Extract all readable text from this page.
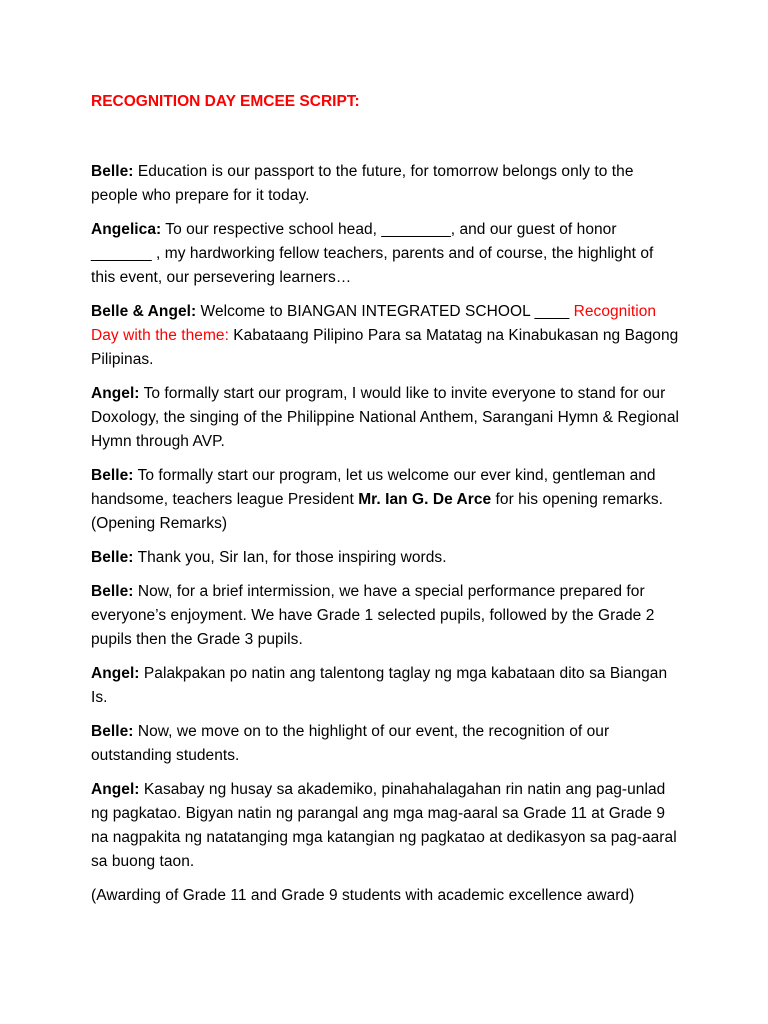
RECOGNITION DAY EMCEE SCRIPT:

Belle: Education is our passport to the future, for tomorrow belongs only to the people who prepare for it today.

Angelica: To our respective school head, ________, and our guest of honor _______ , my hardworking fellow teachers, parents and of course, the highlight of this event, our persevering learners…

Belle & Angel: Welcome to BIANGAN INTEGRATED SCHOOL ____ Recognition Day with the theme: Kabataang Pilipino Para sa Matatag na Kinabukasan ng Bagong Pilipinas.

Angel: To formally start our program, I would like to invite everyone to stand for our Doxology, the singing of the Philippine National Anthem, Sarangani Hymn & Regional Hymn through AVP.

Belle: To formally start our program, let us welcome our ever kind, gentleman and handsome, teachers league President Mr. Ian G. De Arce for his opening remarks. (Opening Remarks)

Belle: Thank you, Sir Ian, for those inspiring words.

Belle: Now, for a brief intermission, we have a special performance prepared for everyone’s enjoyment. We have Grade 1 selected pupils, followed by the Grade 2 pupils then the Grade 3 pupils.

Angel: Palakpakan po natin ang talentong taglay ng mga kabataan dito sa Biangan Is.

Belle: Now, we move on to the highlight of our event, the recognition of our outstanding students.

Angel: Kasabay ng husay sa akademiko, pinahahalagahan rin natin ang pag-unlad ng pagkatao. Bigyan natin ng parangal ang mga mag-aaral sa Grade 11 at Grade 9 na nagpakita ng natatanging mga katangian ng pagkatao at dedikasyon sa pag-aaral sa buong taon.

(Awarding of Grade 11 and Grade 9 students with academic excellence award)
